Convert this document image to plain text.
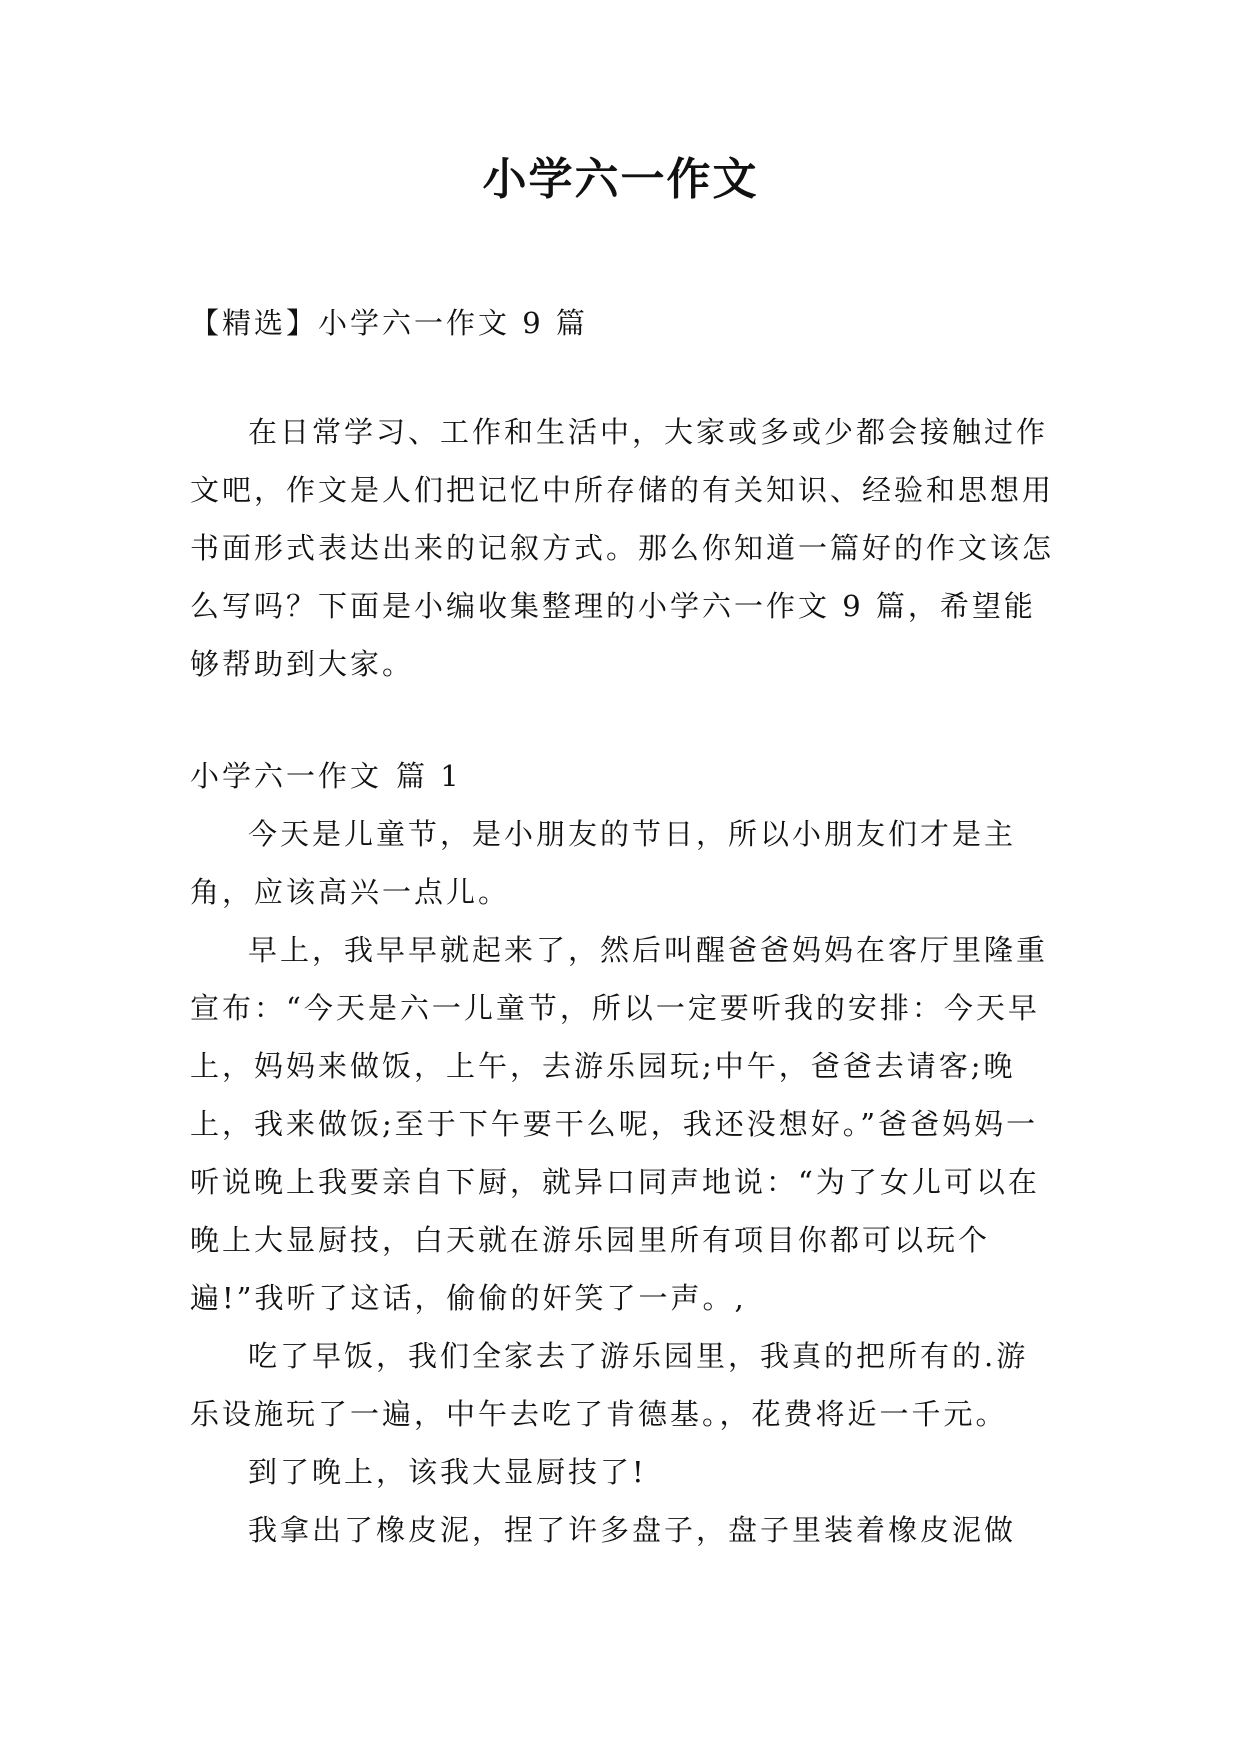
小学六一作文

【精选】小学六一作文 9 篇

在日常学习、工作和生活中，大家或多或少都会接触过作文吧，作文是人们把记忆中所存储的有关知识、经验和思想用书面形式表达出来的记叙方式。那么你知道一篇好的作文该怎么写吗？下面是小编收集整理的小学六一作文 9 篇，希望能够帮助到大家。

小学六一作文 篇 1

今天是儿童节，是小朋友的节日，所以小朋友们才是主角，应该高兴一点儿。

早上，我早早就起来了，然后叫醒爸爸妈妈在客厅里隆重宣布：“今天是六一儿童节，所以一定要听我的安排：今天早上，妈妈来做饭，上午，去游乐园玩;中午，爸爸去请客;晚上，我来做饭;至于下午要干么呢，我还没想好。”爸爸妈妈一听说晚上我要亲自下厨，就异口同声地说：“为了女儿可以在晚上大显厨技，白天就在游乐园里所有项目你都可以玩个遍!”我听了这话，偷偷的奸笑了一声。,

吃了早饭，我们全家去了游乐园里，我真的把所有的.游乐设施玩了一遍，中午去吃了肯德基。，花费将近一千元。

到了晚上，该我大显厨技了!

我拿出了橡皮泥，捏了许多盘子，盘子里装着橡皮泥做
